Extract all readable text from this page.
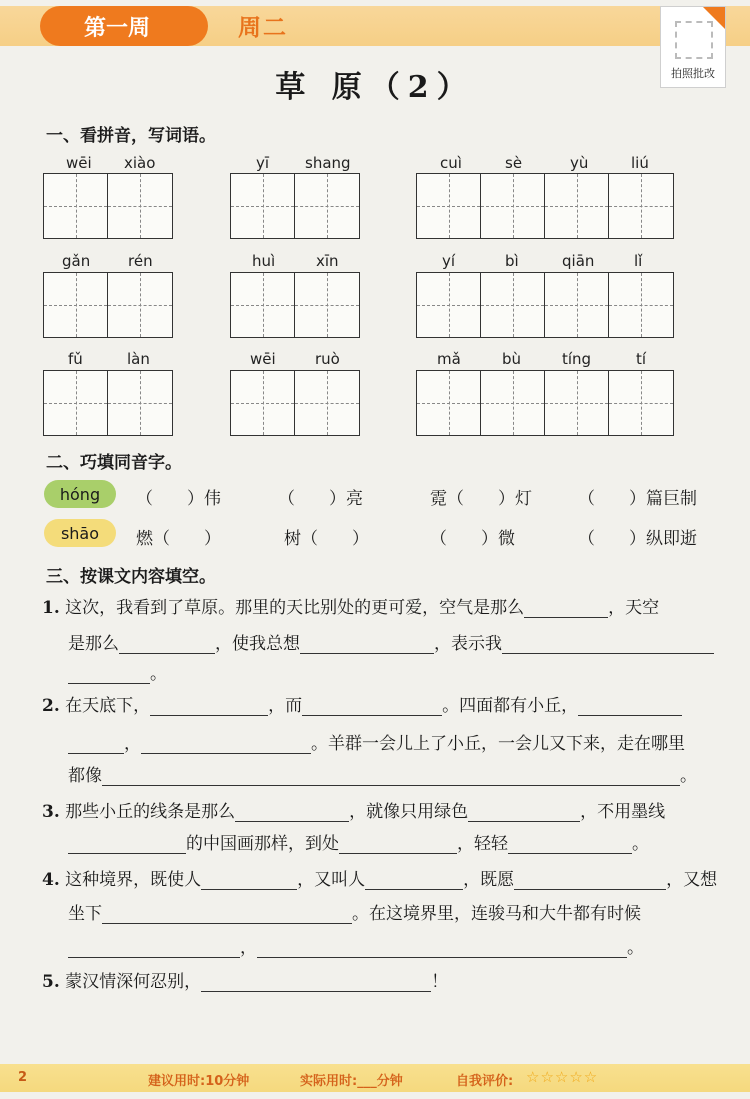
第一周	周二
拍照批改
草 原（2）
一、看拼音，写词语。
wēi xiào	yī shang	cuì	sè	yù	liú
gǎn	rén	huì	xīn	yí	bì	qiān	lǐ
fǔ	làn	wēi	ruò	mǎ	bù	tíng	tí
二、巧填同音字。
hóng	（　　）伟	（　　）亮	霓（　　）灯	（　　）篇巨制
shāo	燃（　　）	树（　　）	（　　）微	（　　）纵即逝
三、按课文内容填空。
1. 这次，我看到了草原。那里的天比别处的更可爱，空气是那么	，天空
是那么	，使我总想	，表示我
。
2. 在天底下，	，而	。四面都有小丘，
，	。羊群一会儿上了小丘，一会儿又下来，走在哪里
都像	。
3. 那些小丘的线条是那么	，就像只用绿色	，不用墨线
的中国画那样，到处	，轻轻	。
4. 这种境界，既使人	，又叫人	，既愿	，又想
坐下	。在这境界里，连骏马和大牛都有时候
，	。
5. 蒙汉情深何忍别，	！
2	建议用时:10分钟	实际用时:___分钟	自我评价: ☆☆☆☆☆
